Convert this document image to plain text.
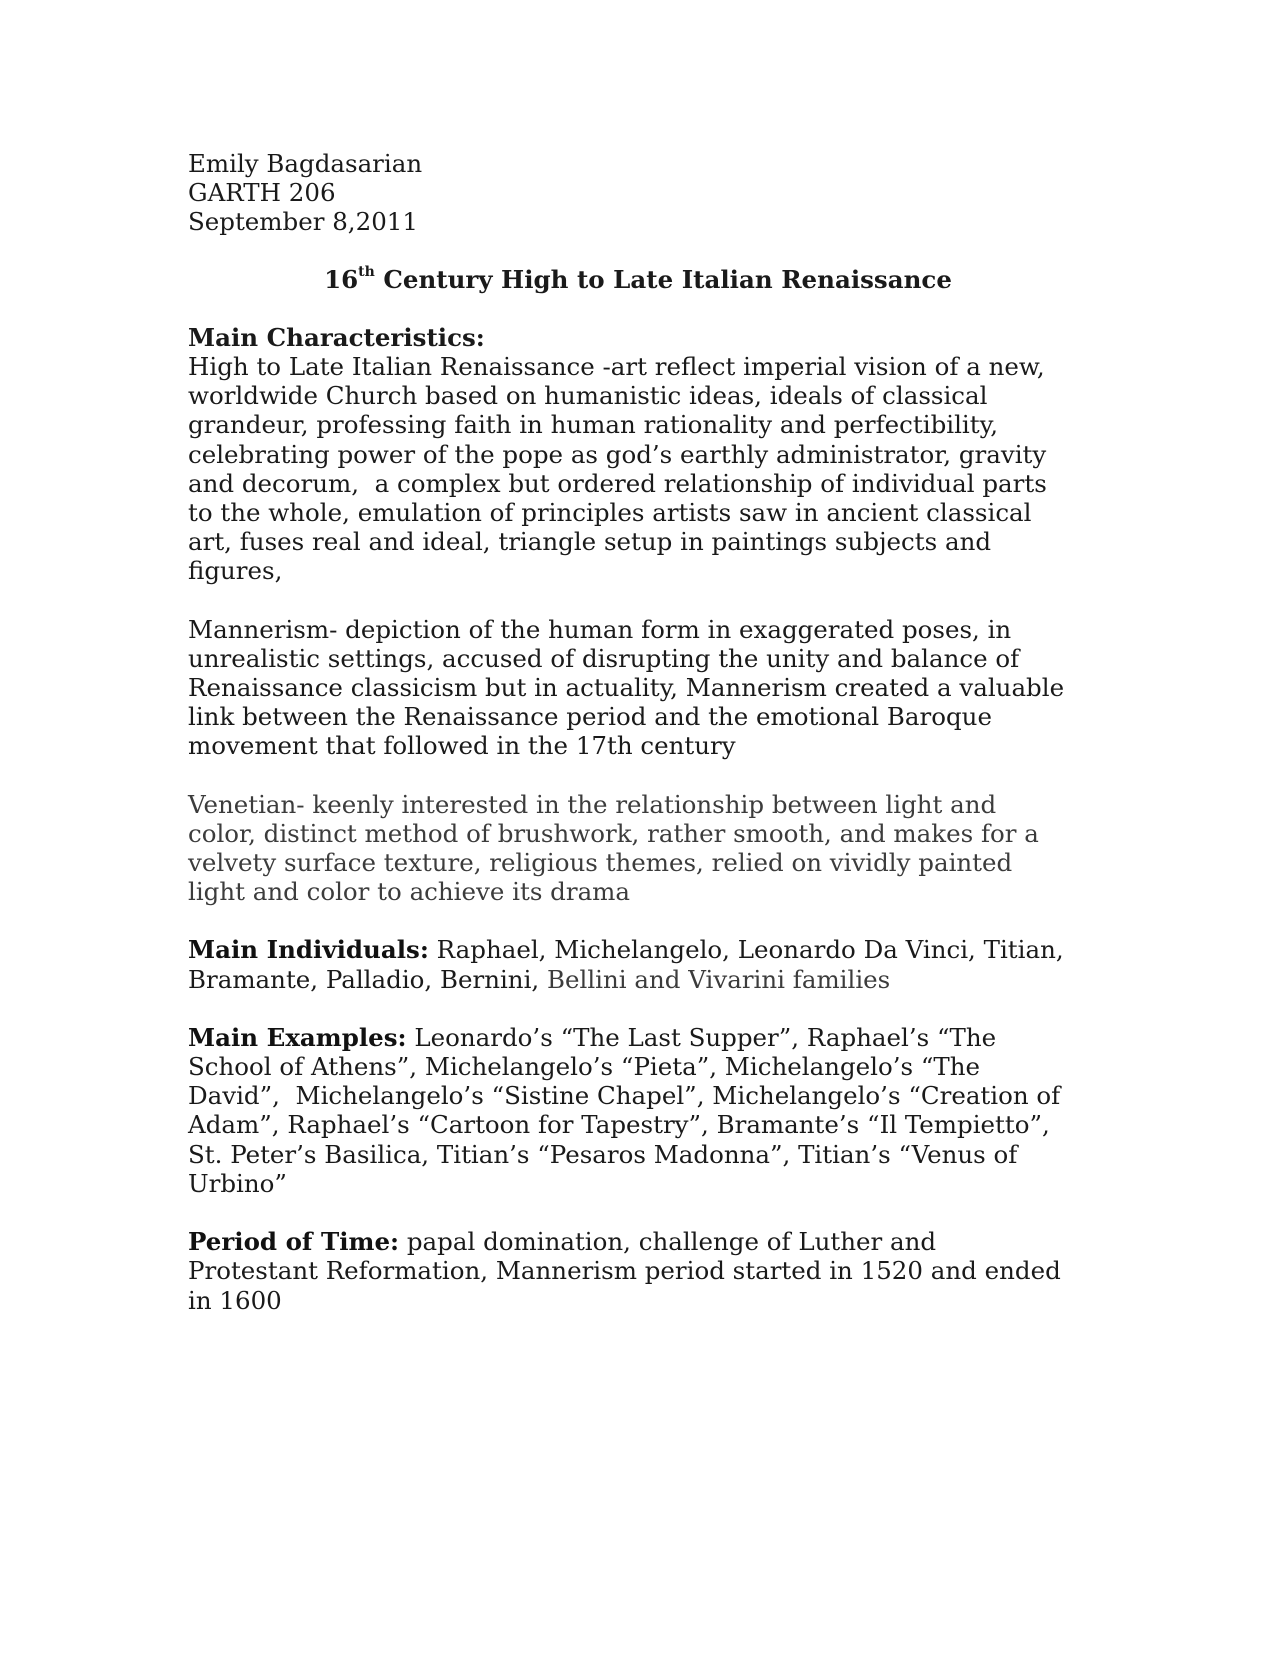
Emily Bagdasarian
GARTH 206
September 8,2011
16th Century High to Late Italian Renaissance
Main Characteristics:
High to Late Italian Renaissance -art reflect imperial vision of a new,
worldwide Church based on humanistic ideas, ideals of classical
grandeur, professing faith in human rationality and perfectibility,
celebrating power of the pope as god’s earthly administrator, gravity
and decorum,  a complex but ordered relationship of individual parts
to the whole, emulation of principles artists saw in ancient classical
art, fuses real and ideal, triangle setup in paintings subjects and
figures,
Mannerism- depiction of the human form in exaggerated poses, in
unrealistic settings, accused of disrupting the unity and balance of
Renaissance classicism but in actuality, Mannerism created a valuable
link between the Renaissance period and the emotional Baroque
movement that followed in the 17th century
Venetian- keenly interested in the relationship between light and
color, distinct method of brushwork, rather smooth, and makes for a
velvety surface texture, religious themes, relied on vividly painted
light and color to achieve its drama
Main Individuals: Raphael, Michelangelo, Leonardo Da Vinci, Titian,
Bramante, Palladio, Bernini, Bellini and Vivarini families
Main Examples: Leonardo’s “The Last Supper”, Raphael’s “The
School of Athens”, Michelangelo’s “Pieta”, Michelangelo’s “The
David”,  Michelangelo’s “Sistine Chapel”, Michelangelo’s “Creation of
Adam”, Raphael’s “Cartoon for Tapestry”, Bramante’s “Il Tempietto”,
St. Peter’s Basilica, Titian’s “Pesaros Madonna”, Titian’s “Venus of
Urbino”
Period of Time: papal domination, challenge of Luther and
Protestant Reformation, Mannerism period started in 1520 and ended
in 1600
